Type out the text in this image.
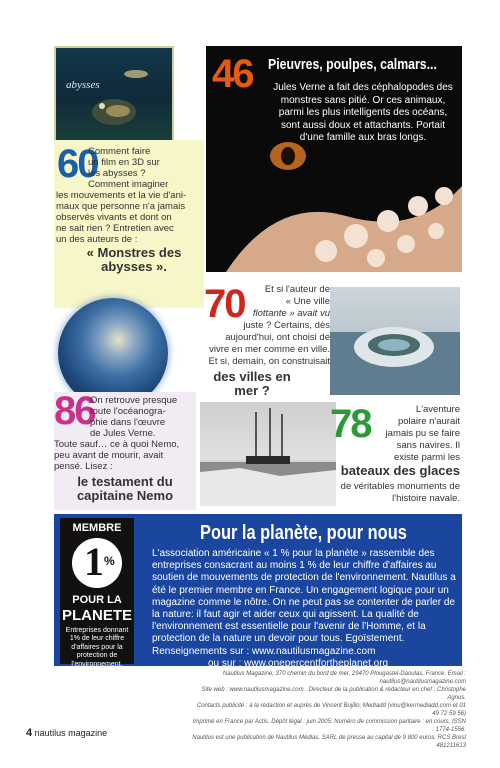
abysses
60
Comment faire
un film en 3D sur
les abysses ?
Comment imaginer
les mouvements et la vie d'ani-
maux que personne n'a jamais
observés vivants et dont on
ne sait rien ? Entretien avec
un des auteurs de :
« Monstres des abysses ».
46 Pieuvres, poulpes, calmars...
Jules Verne a fait des céphalopodes des monstres sans pitié. Or ces animaux, parmi les plus intelligents des océans, sont aussi doux et attachants. Portait d'une famille aux bras longs.
70 Et si l'auteur de
« Une ville
flottante » avait vu
juste ? Certains, dès
aujourd'hui, ont choisi de
vivre en mer comme en ville.
Et si, demain, on construisait
des villes en mer ?
86
On retrouve presque
toute l'océanogra-
phie dans l'œuvre
de Jules Verne.
Toute sauf… ce à quoi Nemo,
peu avant de mourir, avait
pensé. Lisez :
le testament du capitaine Nemo
78	L'aventure
polaire n'aurait
jamais pu se faire
sans navires. Il
existe parmi les
bateaux des glaces
de véritables monuments de
l'histoire navale.
MEMBRE
1 %
POUR LA
PLANETE
Entreprises donnant 1% de leur chiffre d'affaires pour la protection de l'environnement.
Pour la planète, pour nous
L'association américaine « 1 % pour la planète » rassemble des entreprises consacrant au moins 1 % de leur chiffre d'affaires au soutien de mouvements de protection de l'environnement. Nautilus a été le premier membre en France. Un engagement logique pour un magazine comme le nôtre. On ne peut pas se contenter de parler de la nature: il faut agir et aider ceux qui agissent. La qualité de l'environnement est essentielle pour l'avenir de l'Homme, et la protection de la nature un devoir pour tous. Egoïstement.
Renseignements sur : www.nautilusmagazine.com
ou sur : www.onepercentfortheplanet.org
Nautilus Magazine, 370 chemin du bord de mer, 29470 Plougastel-Daoulas, France. Email : nautilus@nautilusmagazine.com
Site web : www.nautilusmagazine.com . Directeur de la publication & rédacteur en chef : Christophe Agnus.
Contacts publicité : à la rédaction et auprès de Vincent Bujillo, Mediadd (vinu@kermediadd.com et 01 49 72 59 56)
Imprimé en France par Actis. Dépôt légal : juin 2005. Numéro de commission paritaire : en cours. ISSN : 1774-1556.
Nautilus est une publication de Nautilus Médias, SARL de presse au capital de 9 800 euros, RCS Brest 481211613
4 nautilus magazine
